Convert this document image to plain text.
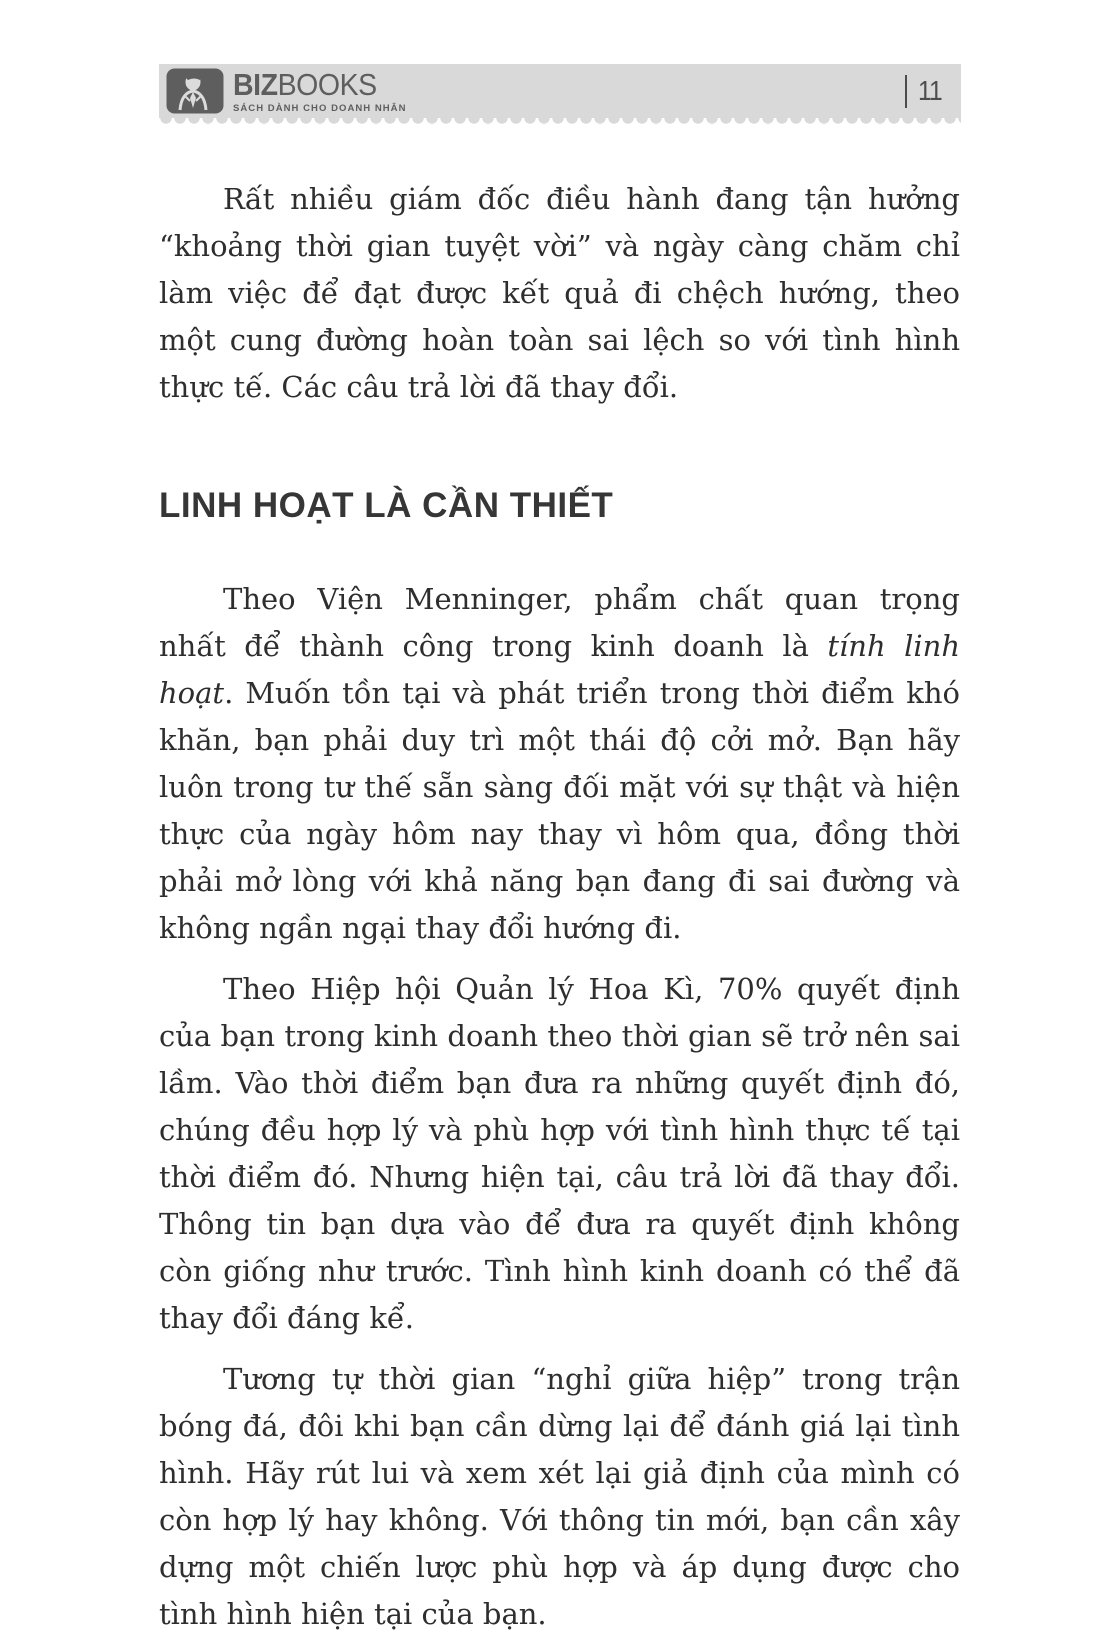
BIZBOOKS
SÁCH DÀNH CHO DOANH NHÂN
11

Rất nhiều giám đốc điều hành đang tận hưởng “khoảng thời gian tuyệt vời” và ngày càng chăm chỉ làm việc để đạt được kết quả đi chệch hướng, theo một cung đường hoàn toàn sai lệch so với tình hình thực tế. Các câu trả lời đã thay đổi.

LINH HOẠT LÀ CẦN THIẾT

Theo Viện Menninger, phẩm chất quan trọng nhất để thành công trong kinh doanh là tính linh hoạt. Muốn tồn tại và phát triển trong thời điểm khó khăn, bạn phải duy trì một thái độ cởi mở. Bạn hãy luôn trong tư thế sẵn sàng đối mặt với sự thật và hiện thực của ngày hôm nay thay vì hôm qua, đồng thời phải mở lòng với khả năng bạn đang đi sai đường và không ngần ngại thay đổi hướng đi.

Theo Hiệp hội Quản lý Hoa Kì, 70% quyết định của bạn trong kinh doanh theo thời gian sẽ trở nên sai lầm. Vào thời điểm bạn đưa ra những quyết định đó, chúng đều hợp lý và phù hợp với tình hình thực tế tại thời điểm đó. Nhưng hiện tại, câu trả lời đã thay đổi. Thông tin bạn dựa vào để đưa ra quyết định không còn giống như trước. Tình hình kinh doanh có thể đã thay đổi đáng kể.

Tương tự thời gian “nghỉ giữa hiệp” trong trận bóng đá, đôi khi bạn cần dừng lại để đánh giá lại tình hình. Hãy rút lui và xem xét lại giả định của mình có còn hợp lý hay không. Với thông tin mới, bạn cần xây dựng một chiến lược phù hợp và áp dụng được cho tình hình hiện tại của bạn.
